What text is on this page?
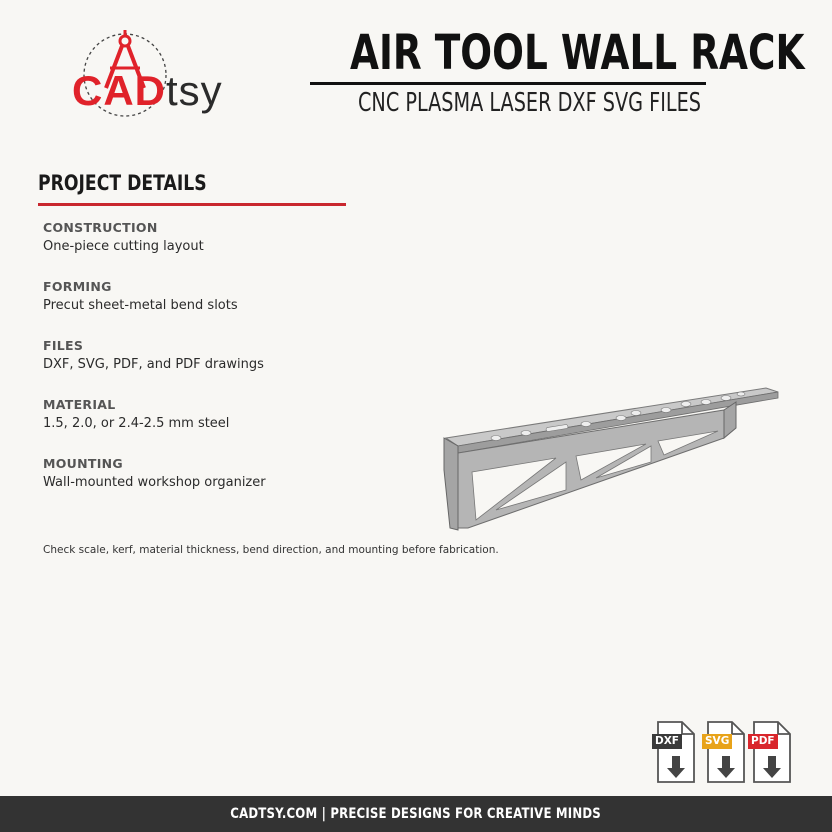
CADtsy
AIR TOOL WALL RACK
CNC PLASMA LASER DXF SVG FILES
PROJECT DETAILS
CONSTRUCTION
One-piece cutting layout
FORMING
Precut sheet-metal bend slots
FILES
DXF, SVG, PDF, and PDF drawings
MATERIAL
1.5, 2.0, or 2.4-2.5 mm steel
MOUNTING
Wall-mounted workshop organizer
Check scale, kerf, material thickness, bend direction, and mounting before fabrication.
DXF SVG PDF
CADTSY.COM | PRECISE DESIGNS FOR CREATIVE MINDS
